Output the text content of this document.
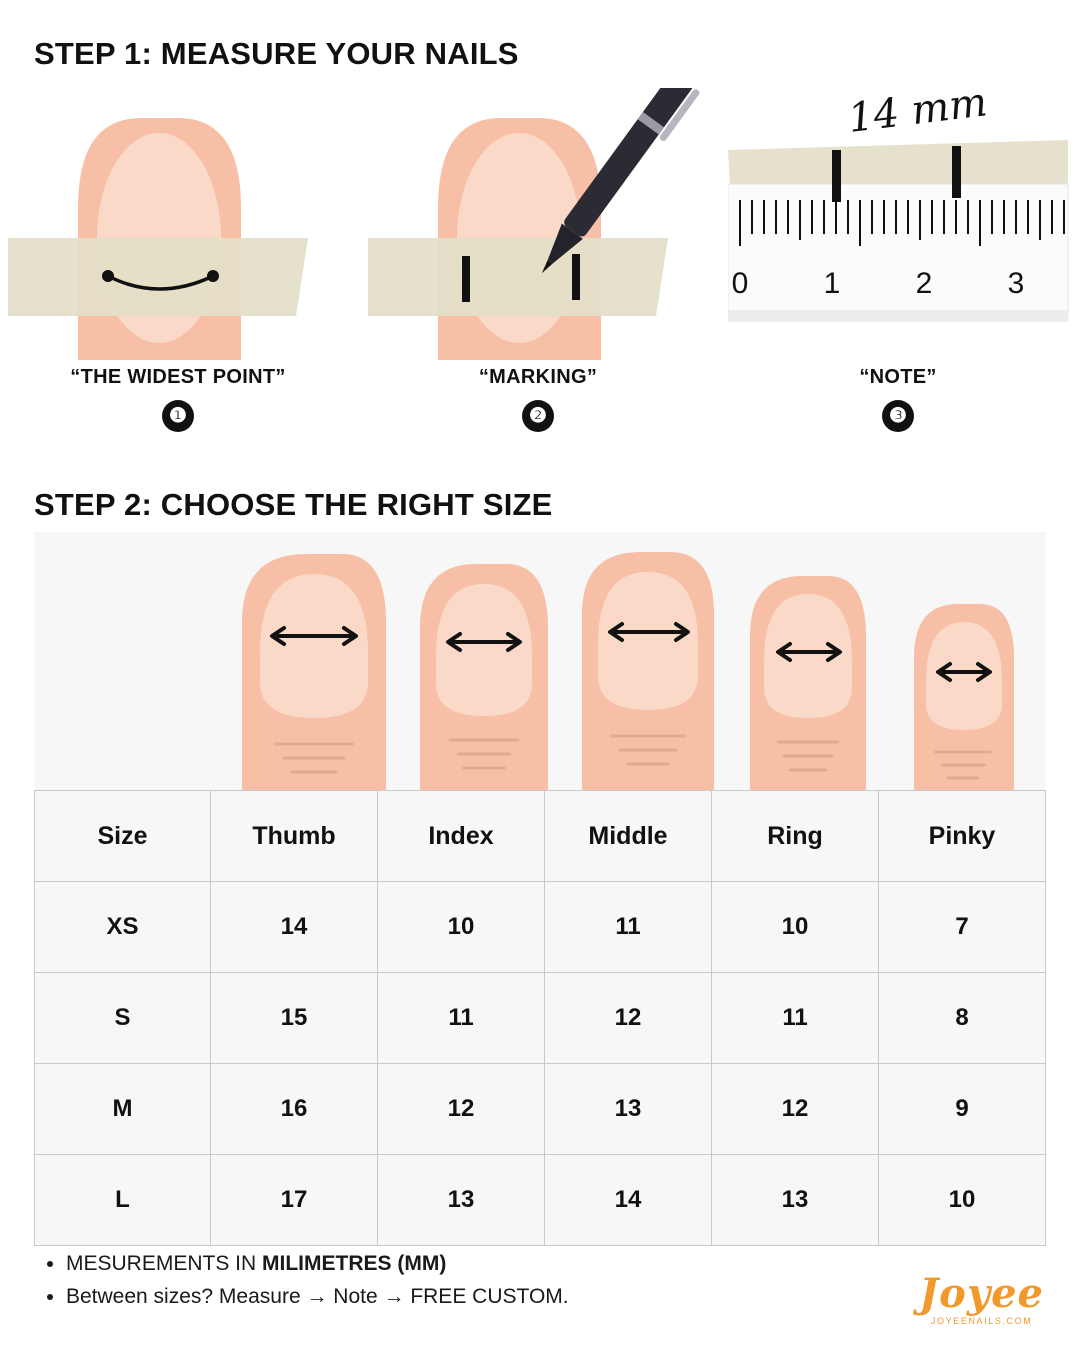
STEP 1: MEASURE YOUR NAILS
“THE WIDEST POINT”
❶
“MARKING”
❷
0	1	2	3
14 mm
“NOTE”
❸
STEP 2: CHOOSE THE RIGHT SIZE
Size	Thumb	Index	Middle	Ring	Pinky
XS	14	10	11	10	7
S	15	11	12	11	8
M	16	12	13	12	9
L	17	13	14	13	10
• MESUREMENTS IN MILIMETRES (MM)
• Between sizes? Measure → Note → FREE CUSTOM.	Joyee
JOYEENAILS.COM
